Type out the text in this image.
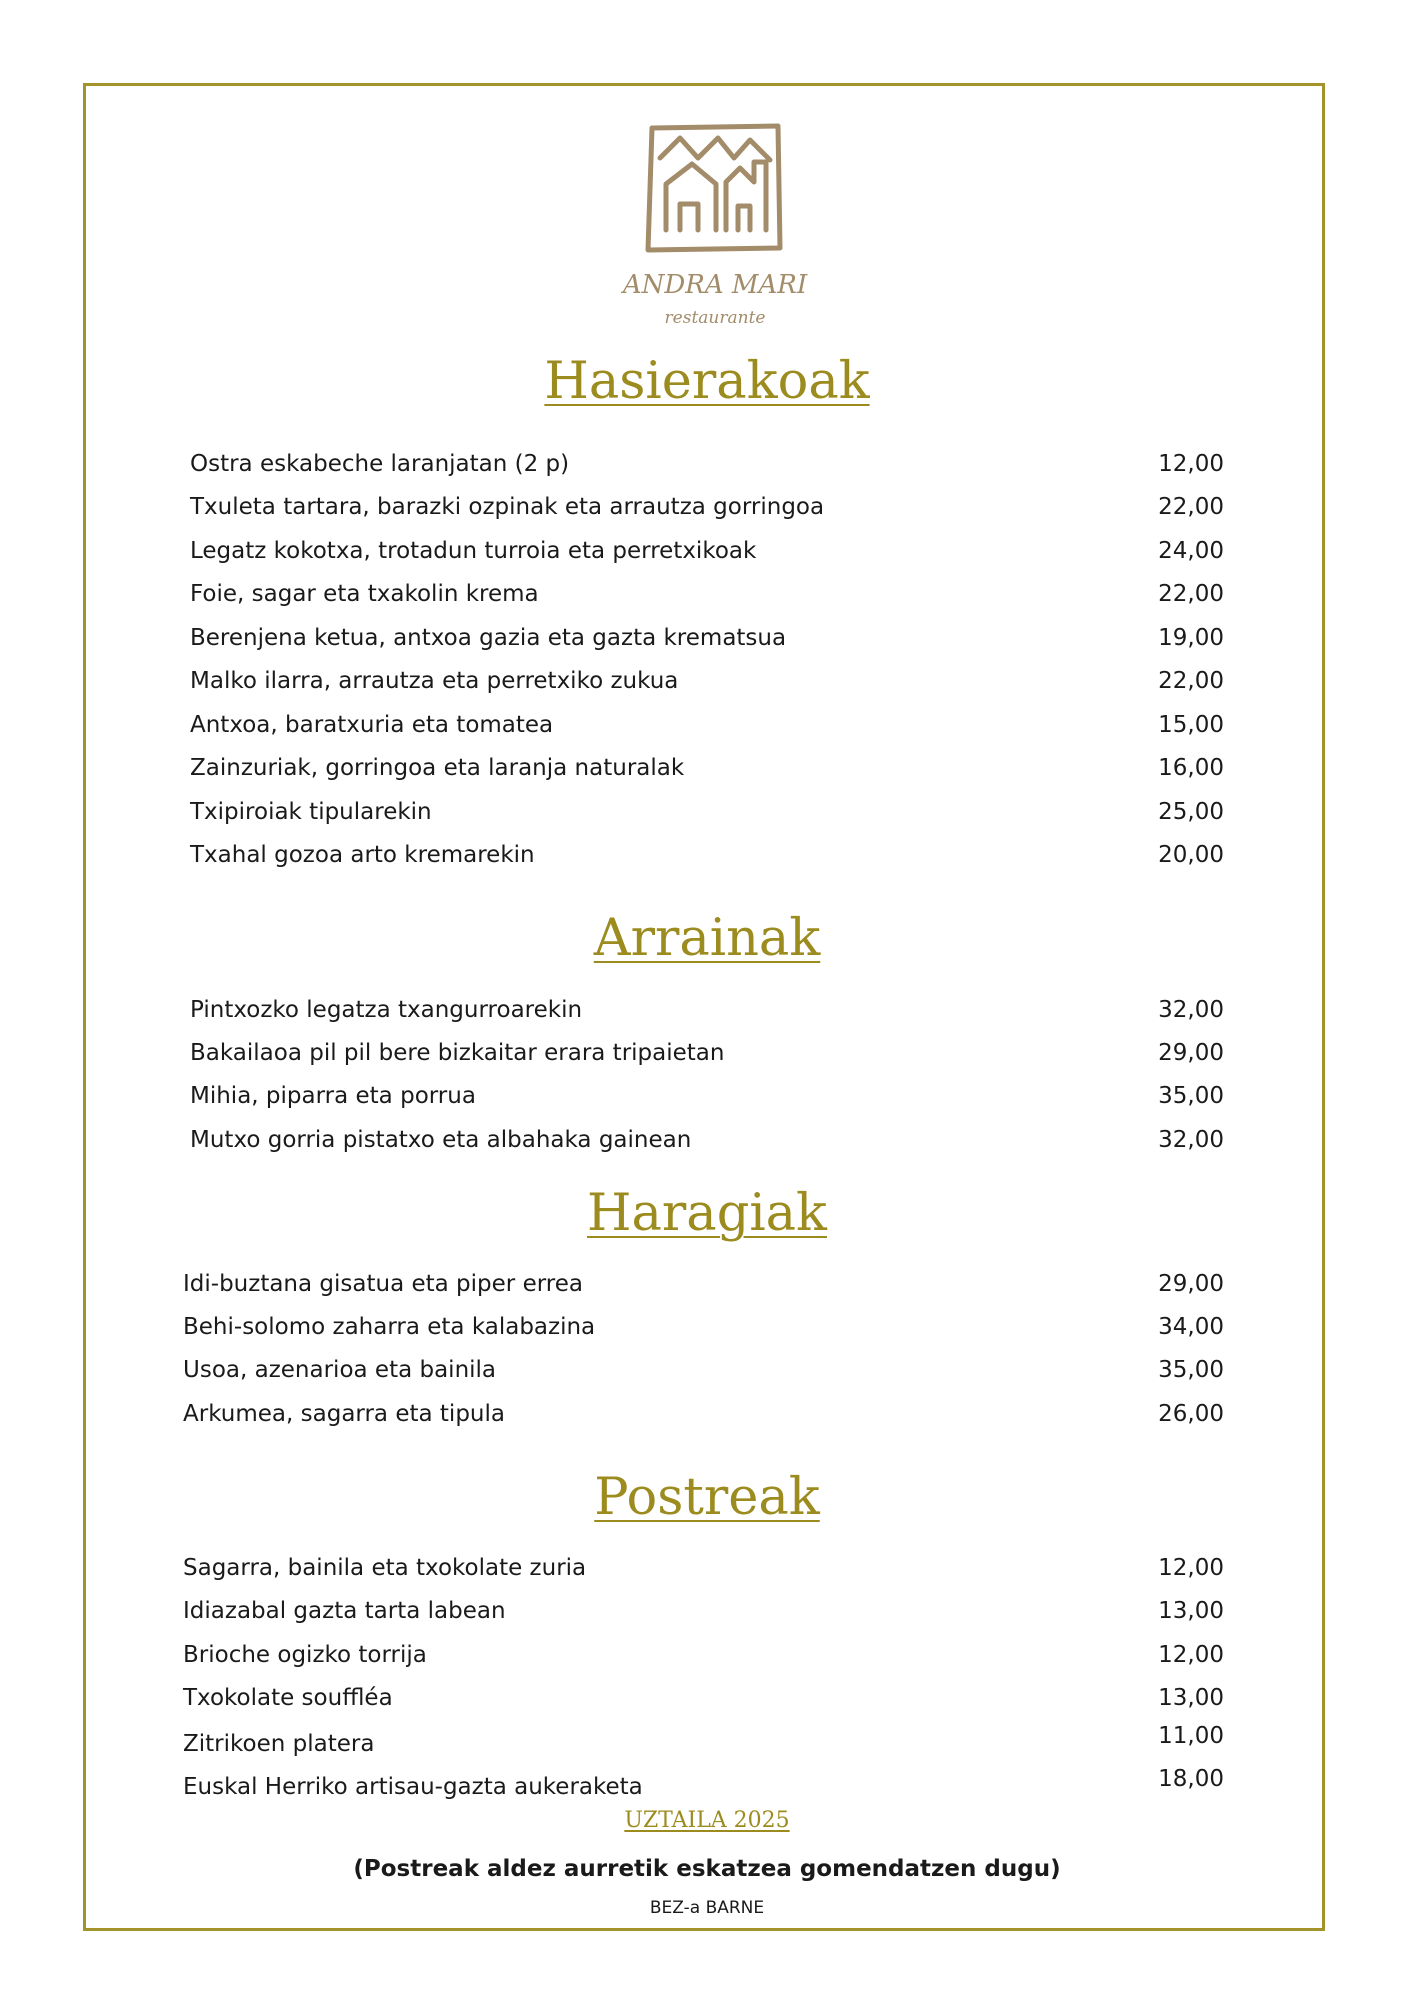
ANDRA MARI
restaurante
Hasierakoak
Ostra eskabeche laranjatan (2 p)	12,00
Txuleta tartara, barazki ozpinak eta arrautza gorringoa	22,00
Legatz kokotxa, trotadun turroia eta perretxikoak	24,00
Foie, sagar eta txakolin krema	22,00
Berenjena ketua, antxoa gazia eta gazta krematsua	19,00
Malko ilarra, arrautza eta perretxiko zukua	22,00
Antxoa, baratxuria eta tomatea	15,00
Zainzuriak, gorringoa eta laranja naturalak	16,00
Txipiroiak tipularekin	25,00
Txahal gozoa arto kremarekin	20,00
Arrainak
Pintxozko legatza txangurroarekin	32,00
Bakailaoa pil pil bere bizkaitar erara tripaietan	29,00
Mihia, piparra eta porrua	35,00
Mutxo gorria pistatxo eta albahaka gainean	32,00
Haragiak
Idi-buztana gisatua eta piper errea	29,00
Behi-solomo zaharra eta kalabazina	34,00
Usoa, azenarioa eta bainila	35,00
Arkumea, sagarra eta tipula	26,00
Postreak
Sagarra, bainila eta txokolate zuria	12,00
Idiazabal gazta tarta labean	13,00
Brioche ogizko torrija	12,00
Txokolate souffléa	13,00
Zitrikoen platera	11,00
Euskal Herriko artisau-gazta aukeraketa	18,00
UZTAILA 2025
(Postreak aldez aurretik eskatzea gomendatzen dugu)
BEZ-a BARNE
